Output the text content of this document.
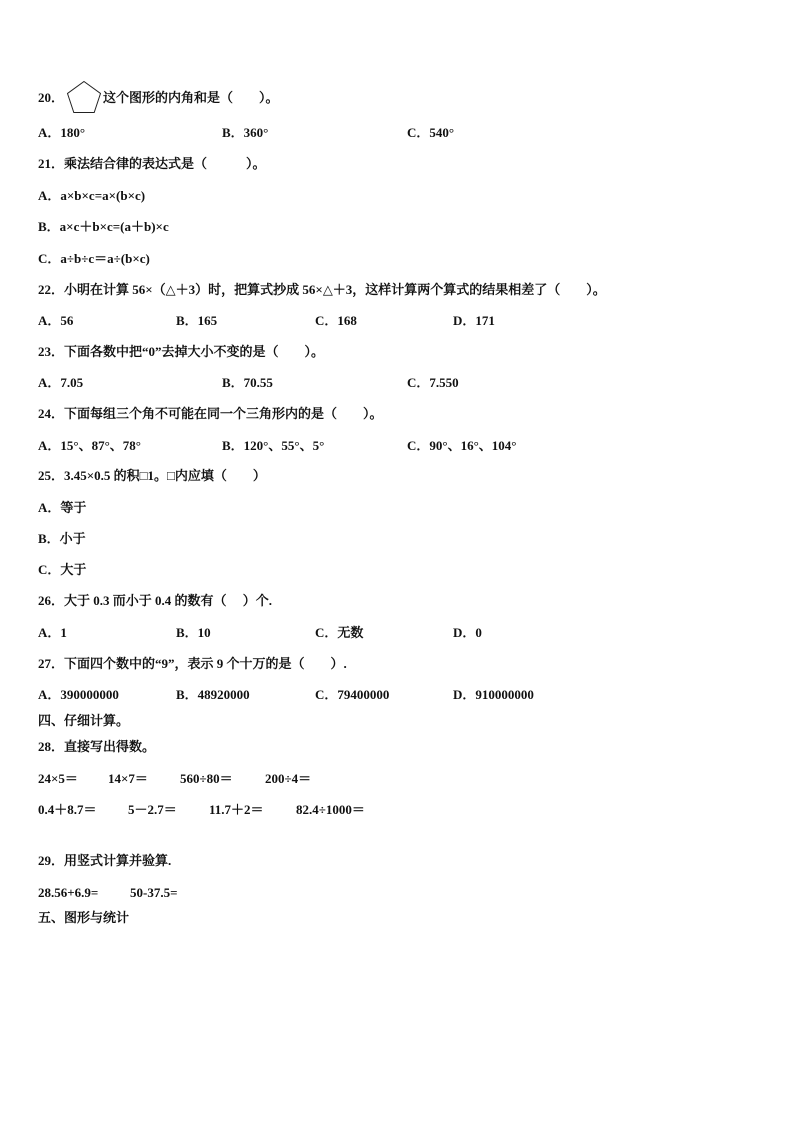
20．	这个图形的内角和是（　　）。
A．180°	B．360°	C．540°
21．乘法结合律的表达式是（　　　）。
A．a×b×c=a×(b×c)
B．a×c＋b×c=(a＋b)×c
C．a÷b÷c＝a÷(b×c)
22．小明在计算 56×（△＋3）时，把算式抄成 56×△＋3，这样计算两个算式的结果相差了（　　）。
A．56	B．165	C．168	D．171
23．下面各数中把“0”去掉大小不变的是（　　）。
A．7.05	B．70.55	C．7.550
24．下面每组三个角不可能在同一个三角形内的是（　　）。
A．15°、87°、78°	B．120°、55°、5°	C．90°、16°、104°
25．3.45×0.5 的积□1。□内应填（　　）
A．等于
B．小于
C．大于
26．大于 0.3 而小于 0.4 的数有（　 ）个.
A．1	B．10	C．无数	D．0
27．下面四个数中的“9”，表示 9 个十万的是（　　）.
A．390000000	B．48920000	C．79400000	D．910000000
四、仔细计算。
28．直接写出得数。
24×5＝ 14×7＝ 560÷80＝ 200÷4＝
0.4＋8.7＝ 5－2.7＝ 11.7＋2＝ 82.4÷1000＝
29．用竖式计算并验算.
28.56+6.9= 50-37.5=
五、图形与统计
